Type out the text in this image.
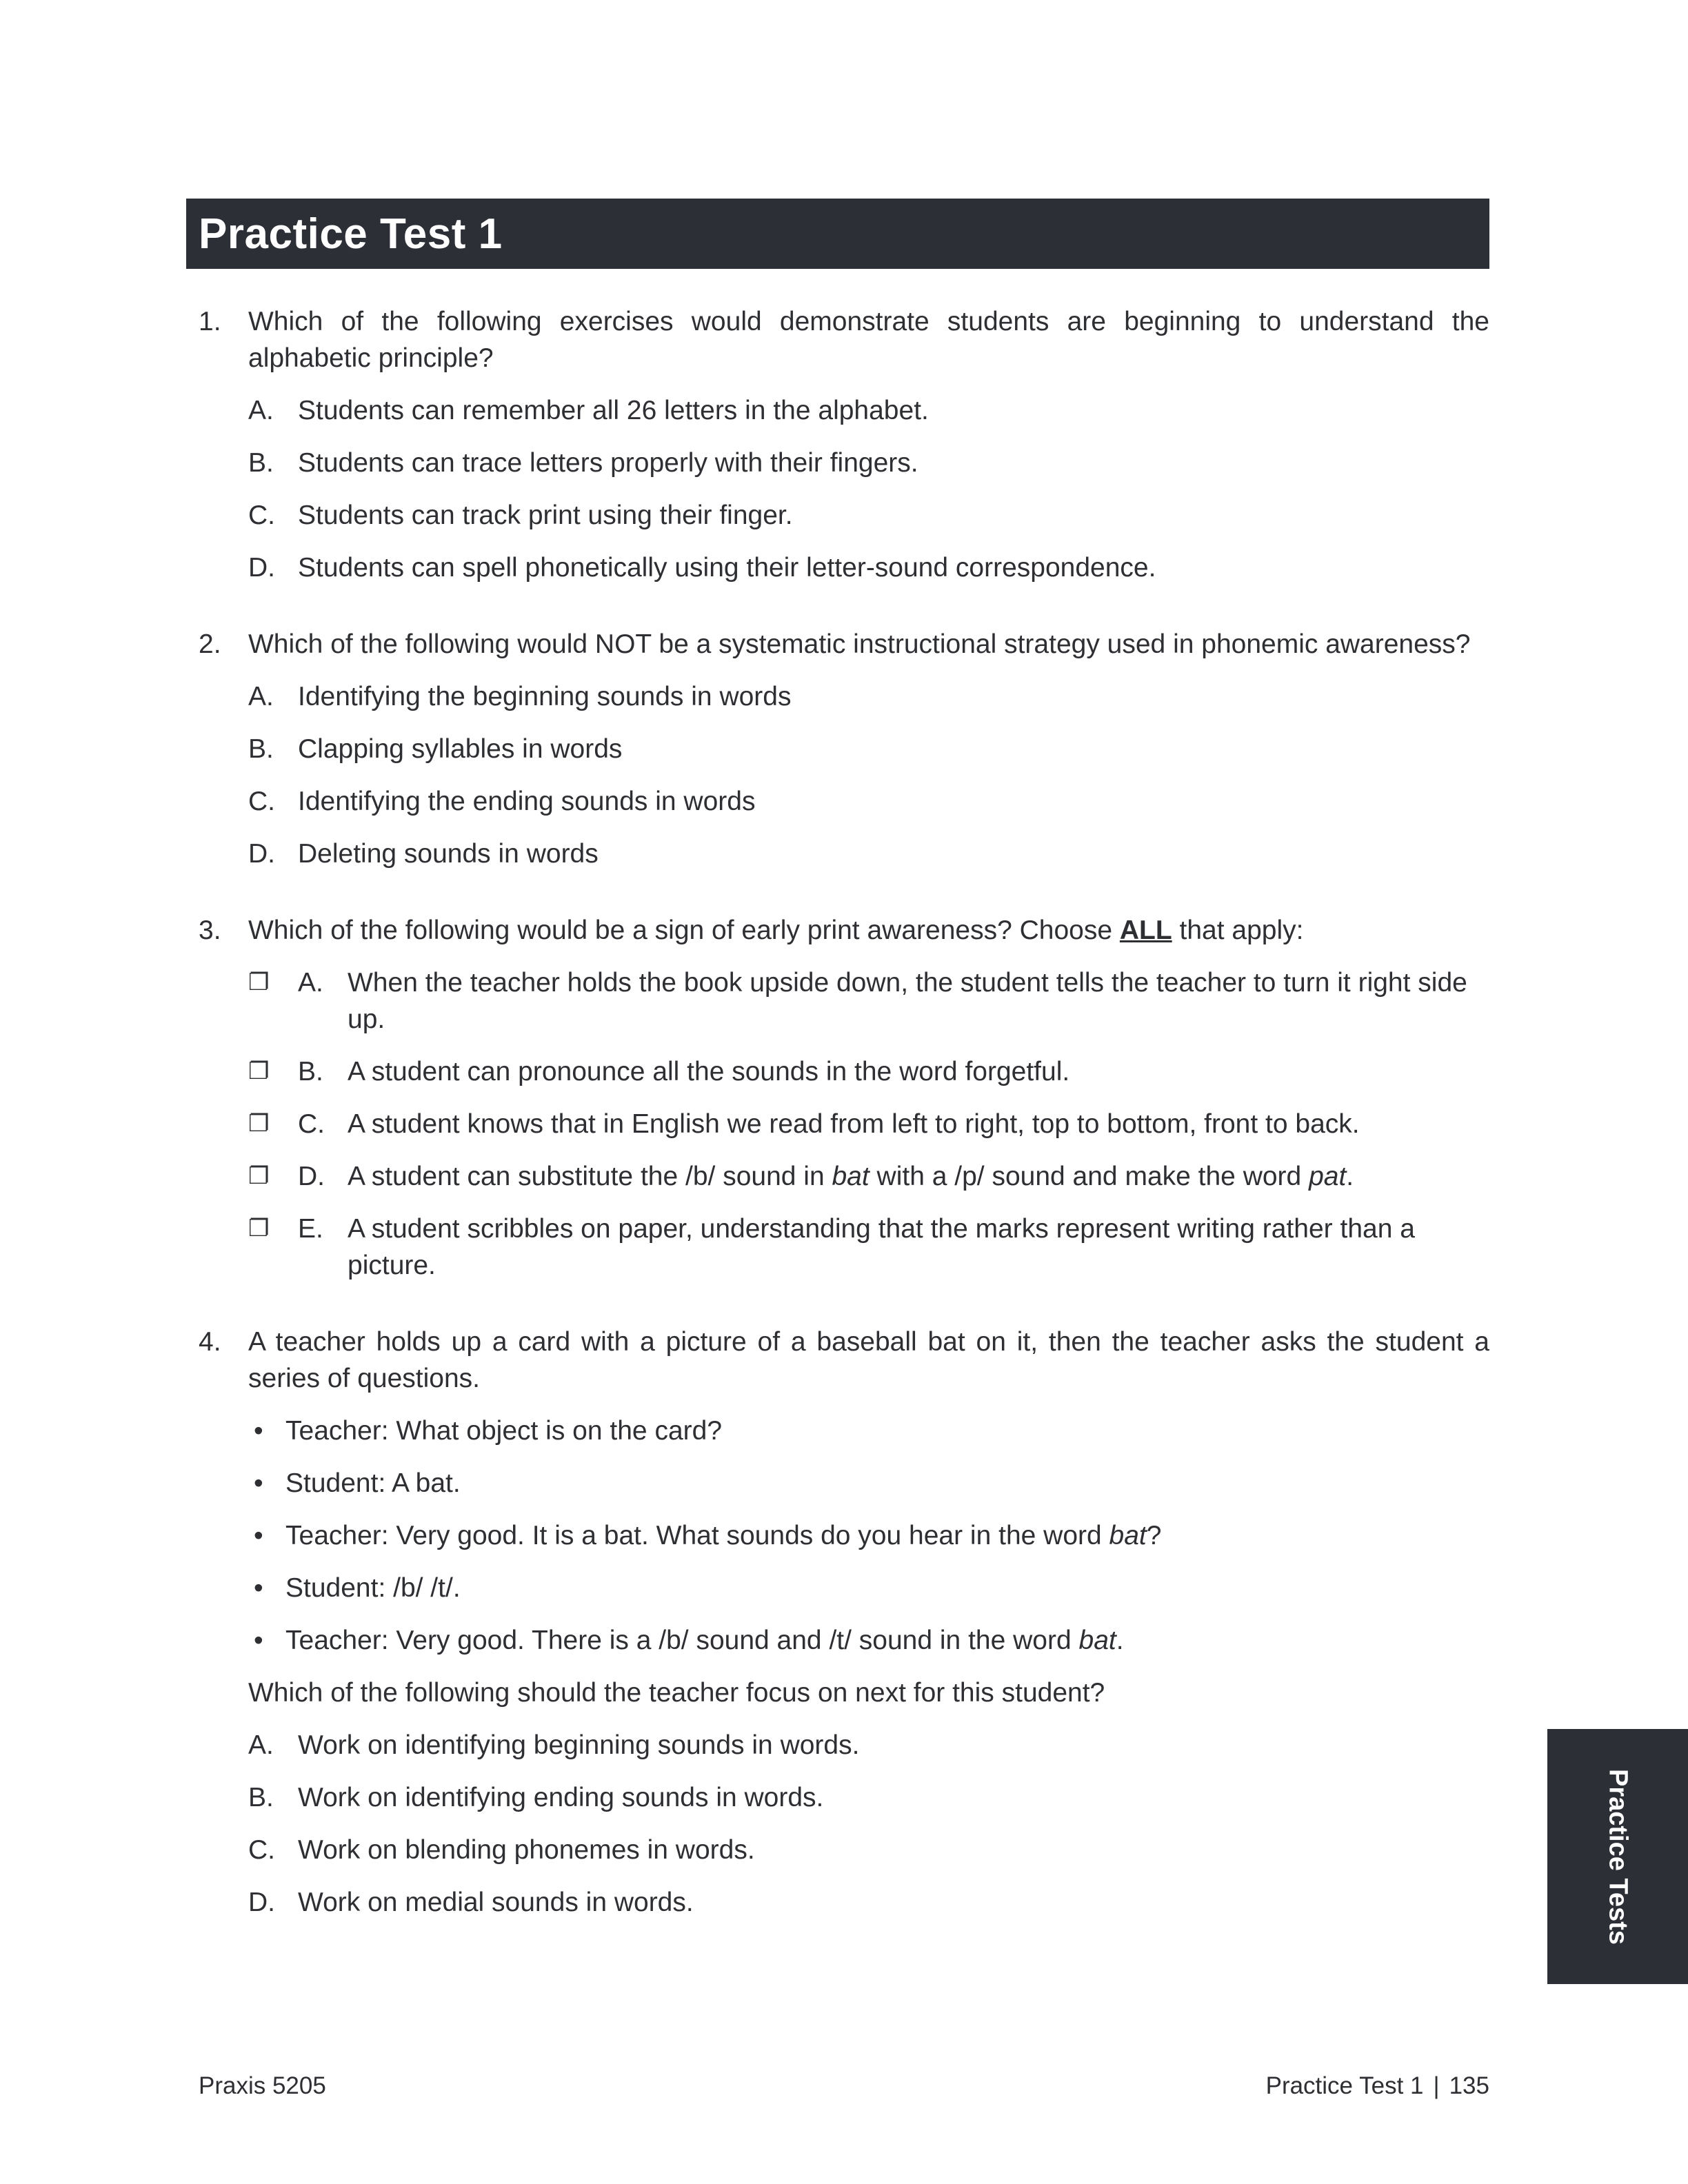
Practice Test 1
1.	Which of the following exercises would demonstrate students are beginning to understand the alphabetic principle?
A. Students can remember all 26 letters in the alphabet.
B. Students can trace letters properly with their fingers.
C. Students can track print using their finger.
D. Students can spell phonetically using their letter-sound correspondence.
2.	Which of the following would NOT be a systematic instructional strategy used in phonemic awareness?
A. Identifying the beginning sounds in words
B. Clapping syllables in words
C. Identifying the ending sounds in words
D. Deleting sounds in words
3.	Which of the following would be a sign of early print awareness? Choose ALL that apply:
❐	A. When the teacher holds the book upside down, the student tells the teacher to turn it right side up.
❐	B. A student can pronounce all the sounds in the word forgetful.
❐	C. A student knows that in English we read from left to right, top to bottom, front to back.
❐	D. A student can substitute the /b/ sound in bat with a /p/ sound and make the word pat.
❐	E. A student scribbles on paper, understanding that the marks represent writing rather than a picture.
4.	A teacher holds up a card with a picture of a baseball bat on it, then the teacher asks the student a series of questions.
• Teacher: What object is on the card?
• Student: A bat.
• Teacher: Very good. It is a bat. What sounds do you hear in the word bat?
• Student: /b/ /t/.
• Teacher: Very good. There is a /b/ sound and /t/ sound in the word bat.
Which of the following should the teacher focus on next for this student?
A. Work on identifying beginning sounds in words.
B. Work on identifying ending sounds in words.
C. Work on blending phonemes in words.
D. Work on medial sounds in words.	Practice Tests
Praxis 5205	Practice Test 1 | 135
